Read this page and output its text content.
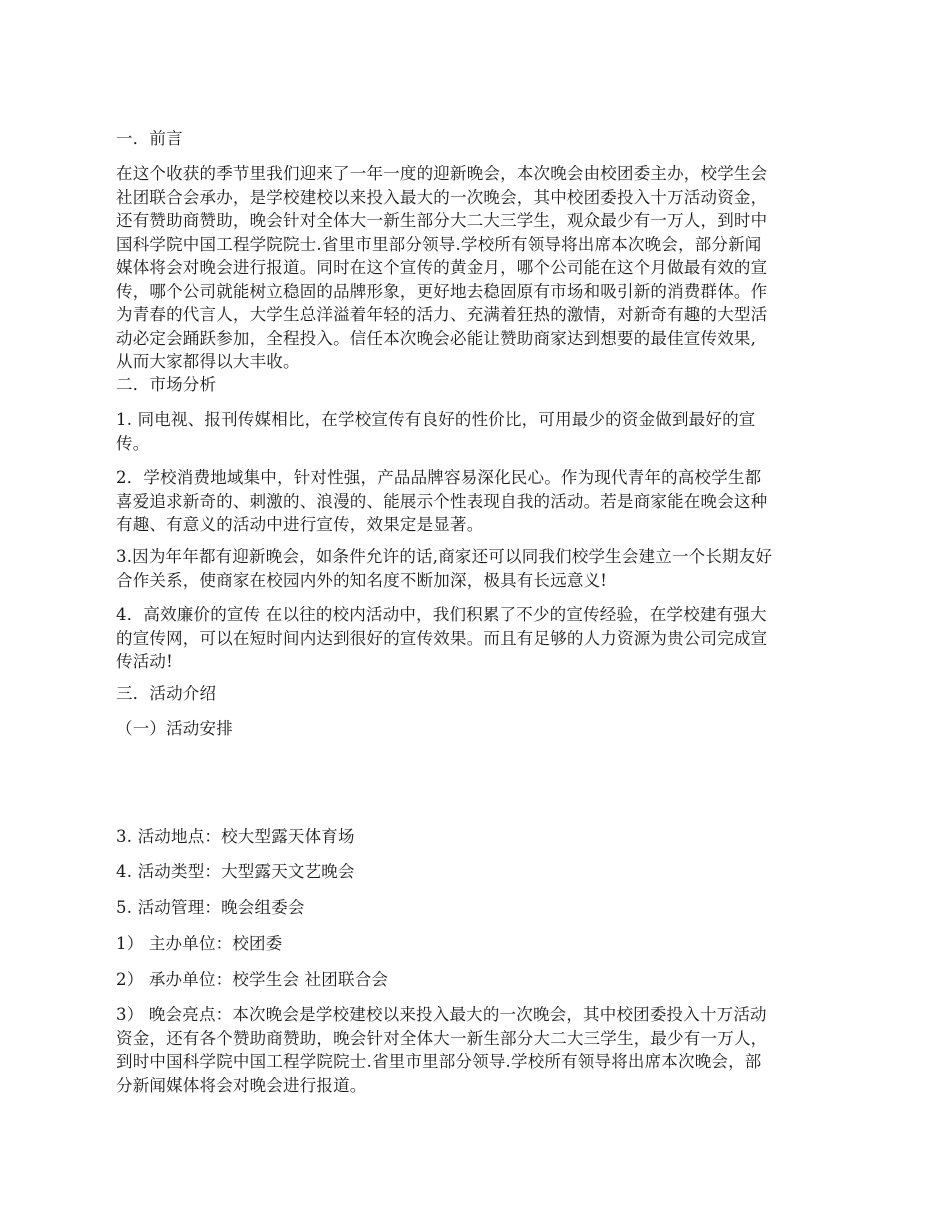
一．前言

在这个收获的季节里我们迎来了一年一度的迎新晚会，本次晚会由校团委主办，校学生会
社团联合会承办，是学校建校以来投入最大的一次晚会，其中校团委投入十万活动资金，
还有赞助商赞助，晚会针对全体大一新生部分大二大三学生，观众最少有一万人，到时中
国科学院中国工程学院院士.省里市里部分领导.学校所有领导将出席本次晚会，部分新闻
媒体将会对晚会进行报道。同时在这个宣传的黄金月，哪个公司能在这个月做最有效的宣
传，哪个公司就能树立稳固的品牌形象，更好地去稳固原有市场和吸引新的消费群体。作
为青春的代言人，大学生总洋溢着年轻的活力、充满着狂热的激情，对新奇有趣的大型活
动必定会踊跃参加，全程投入。信任本次晚会必能让赞助商家达到想要的最佳宣传效果,
从而大家都得以大丰收。

二．市场分析

1. 同电视、报刊传媒相比，在学校宣传有良好的性价比，可用最少的资金做到最好的宣
传。

2．学校消费地域集中，针对性强，产品品牌容易深化民心。作为现代青年的高校学生都
喜爱追求新奇的、刺激的、浪漫的、能展示个性表现自我的活动。若是商家能在晚会这种
有趣、有意义的活动中进行宣传，效果定是显著。

3.因为年年都有迎新晚会，如条件允许的话,商家还可以同我们校学生会建立一个长期友好
合作关系，使商家在校园内外的知名度不断加深，极具有长远意义!

4．高效廉价的宣传 在以往的校内活动中，我们积累了不少的宣传经验，在学校建有强大
的宣传网，可以在短时间内达到很好的宣传效果。而且有足够的人力资源为贵公司完成宣
传活动!

三．活动介绍

（一）活动安排

3. 活动地点：校大型露天体育场

4. 活动类型：大型露天文艺晚会

5. 活动管理：晚会组委会

1） 主办单位：校团委

2） 承办单位：校学生会 社团联合会

3） 晚会亮点：本次晚会是学校建校以来投入最大的一次晚会，其中校团委投入十万活动
资金，还有各个赞助商赞助，晚会针对全体大一新生部分大二大三学生，最少有一万人，
到时中国科学院中国工程学院院士.省里市里部分领导.学校所有领导将出席本次晚会，部
分新闻媒体将会对晚会进行报道。
